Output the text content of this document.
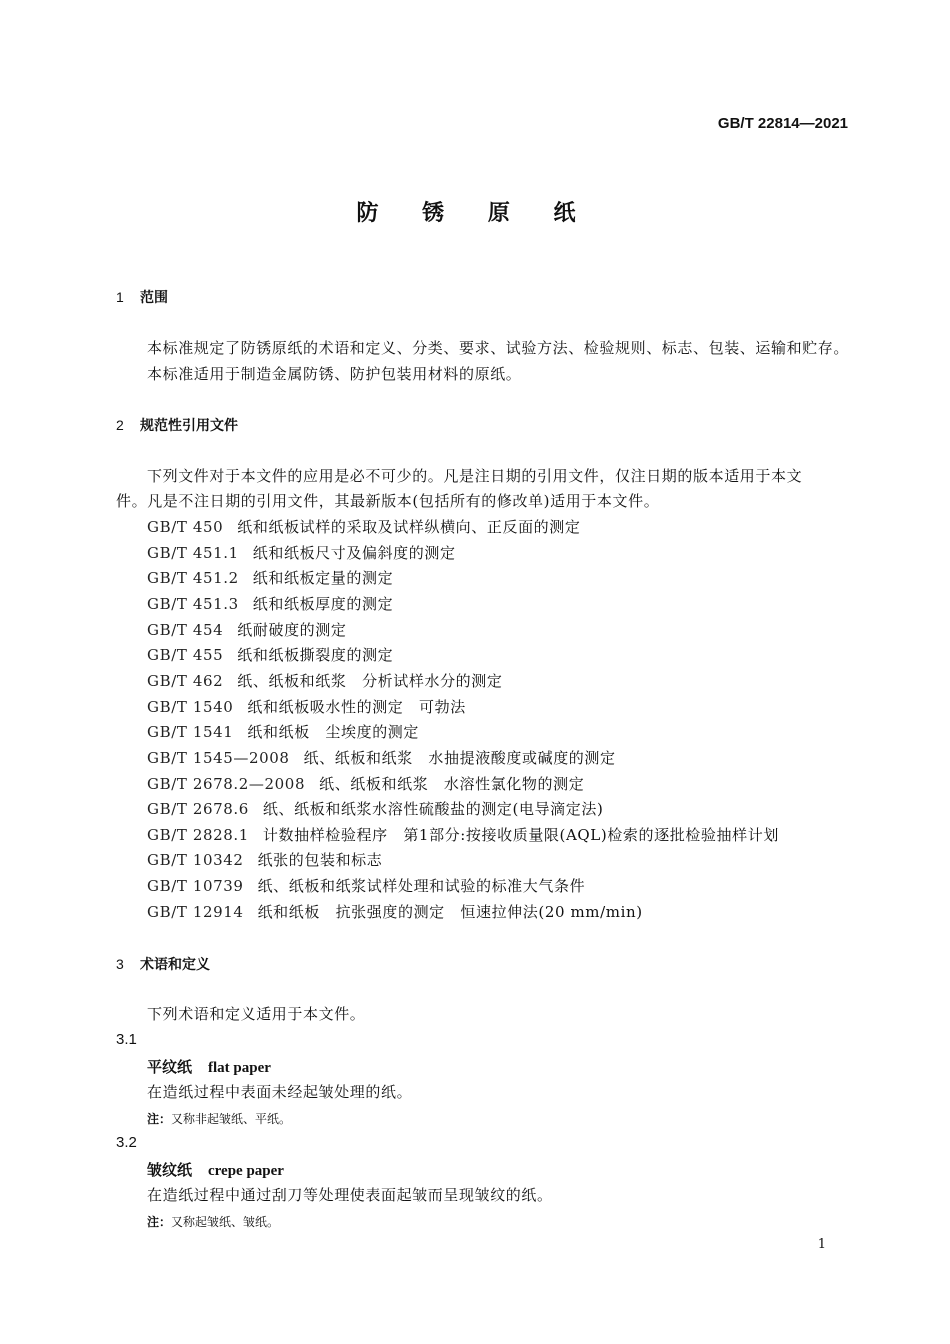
GB/T 22814—2021
防 锈 原 纸
1 范围
本标准规定了防锈原纸的术语和定义、分类、要求、试验方法、检验规则、标志、包装、运输和贮存。
本标准适用于制造金属防锈、防护包装用材料的原纸。
2 规范性引用文件
下列文件对于本文件的应用是必不可少的。凡是注日期的引用文件，仅注日期的版本适用于本文
件。凡是不注日期的引用文件，其最新版本(包括所有的修改单)适用于本文件。
GB/T 450 纸和纸板试样的采取及试样纵横向、正反面的测定
GB/T 451.1 纸和纸板尺寸及偏斜度的测定
GB/T 451.2 纸和纸板定量的测定
GB/T 451.3 纸和纸板厚度的测定
GB/T 454 纸耐破度的测定
GB/T 455 纸和纸板撕裂度的测定
GB/T 462 纸、纸板和纸浆　分析试样水分的测定
GB/T 1540 纸和纸板吸水性的测定　可勃法
GB/T 1541 纸和纸板　尘埃度的测定
GB/T 1545—2008 纸、纸板和纸浆　水抽提液酸度或碱度的测定
GB/T 2678.2—2008 纸、纸板和纸浆　水溶性氯化物的测定
GB/T 2678.6 纸、纸板和纸浆水溶性硫酸盐的测定(电导滴定法)
GB/T 2828.1 计数抽样检验程序　第1部分:按接收质量限(AQL)检索的逐批检验抽样计划
GB/T 10342 纸张的包装和标志
GB/T 10739 纸、纸板和纸浆试样处理和试验的标准大气条件
GB/T 12914 纸和纸板　抗张强度的测定　恒速拉伸法(20 mm/min)
3 术语和定义
下列术语和定义适用于本文件。
3.1
平纹纸 flat paper
在造纸过程中表面未经起皱处理的纸。
注：又称非起皱纸、平纸。
3.2
皱纹纸 crepe paper
在造纸过程中通过刮刀等处理使表面起皱而呈现皱纹的纸。
注：又称起皱纸、皱纸。
1
